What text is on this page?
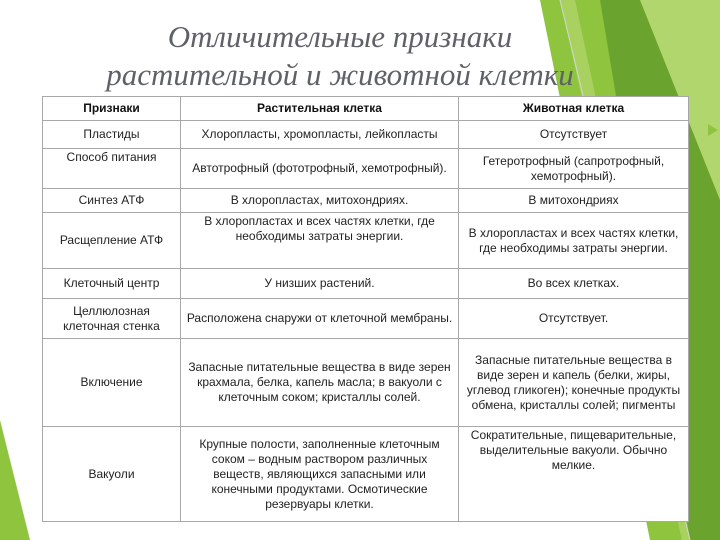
Отличительные признаки
растительной и животной клетки
Признаки	Растительная клетка	Животная клетка
Пластиды	Хлоропласты, хромопласты, лейкопласты	Отсутствует
Способ питания	Автотрофный (фототрофный, хемотрофный).	Гетеротрофный (сапротрофный, хемотрофный).
Синтез АТФ	В хлоропластах, митохондриях.	В митохондриях
Расщепление АТФ	В хлоропластах и всех частях клетки, где необходимы затраты энергии.	В хлоропластах и всех частях клетки, где необходимы затраты энергии.
Клеточный центр	У низших растений.	Во всех клетках.
Целлюлозная клеточная стенка	Расположена снаружи от клеточной мембраны.	Отсутствует.
Включение	Запасные питательные вещества в виде зерен крахмала, белка, капель масла; в вакуоли с клеточным соком; кристаллы солей.	Запасные питательные вещества в виде зерен и капель (белки, жиры, углевод гликоген); конечные продукты обмена, кристаллы солей; пигменты
Вакуоли	Крупные полости, заполненные клеточным соком – водным раствором различных веществ, являющихся запасными или конечными продуктами. Осмотические резервуары клетки.	Сократительные, пищеварительные, выделительные вакуоли. Обычно мелкие.
